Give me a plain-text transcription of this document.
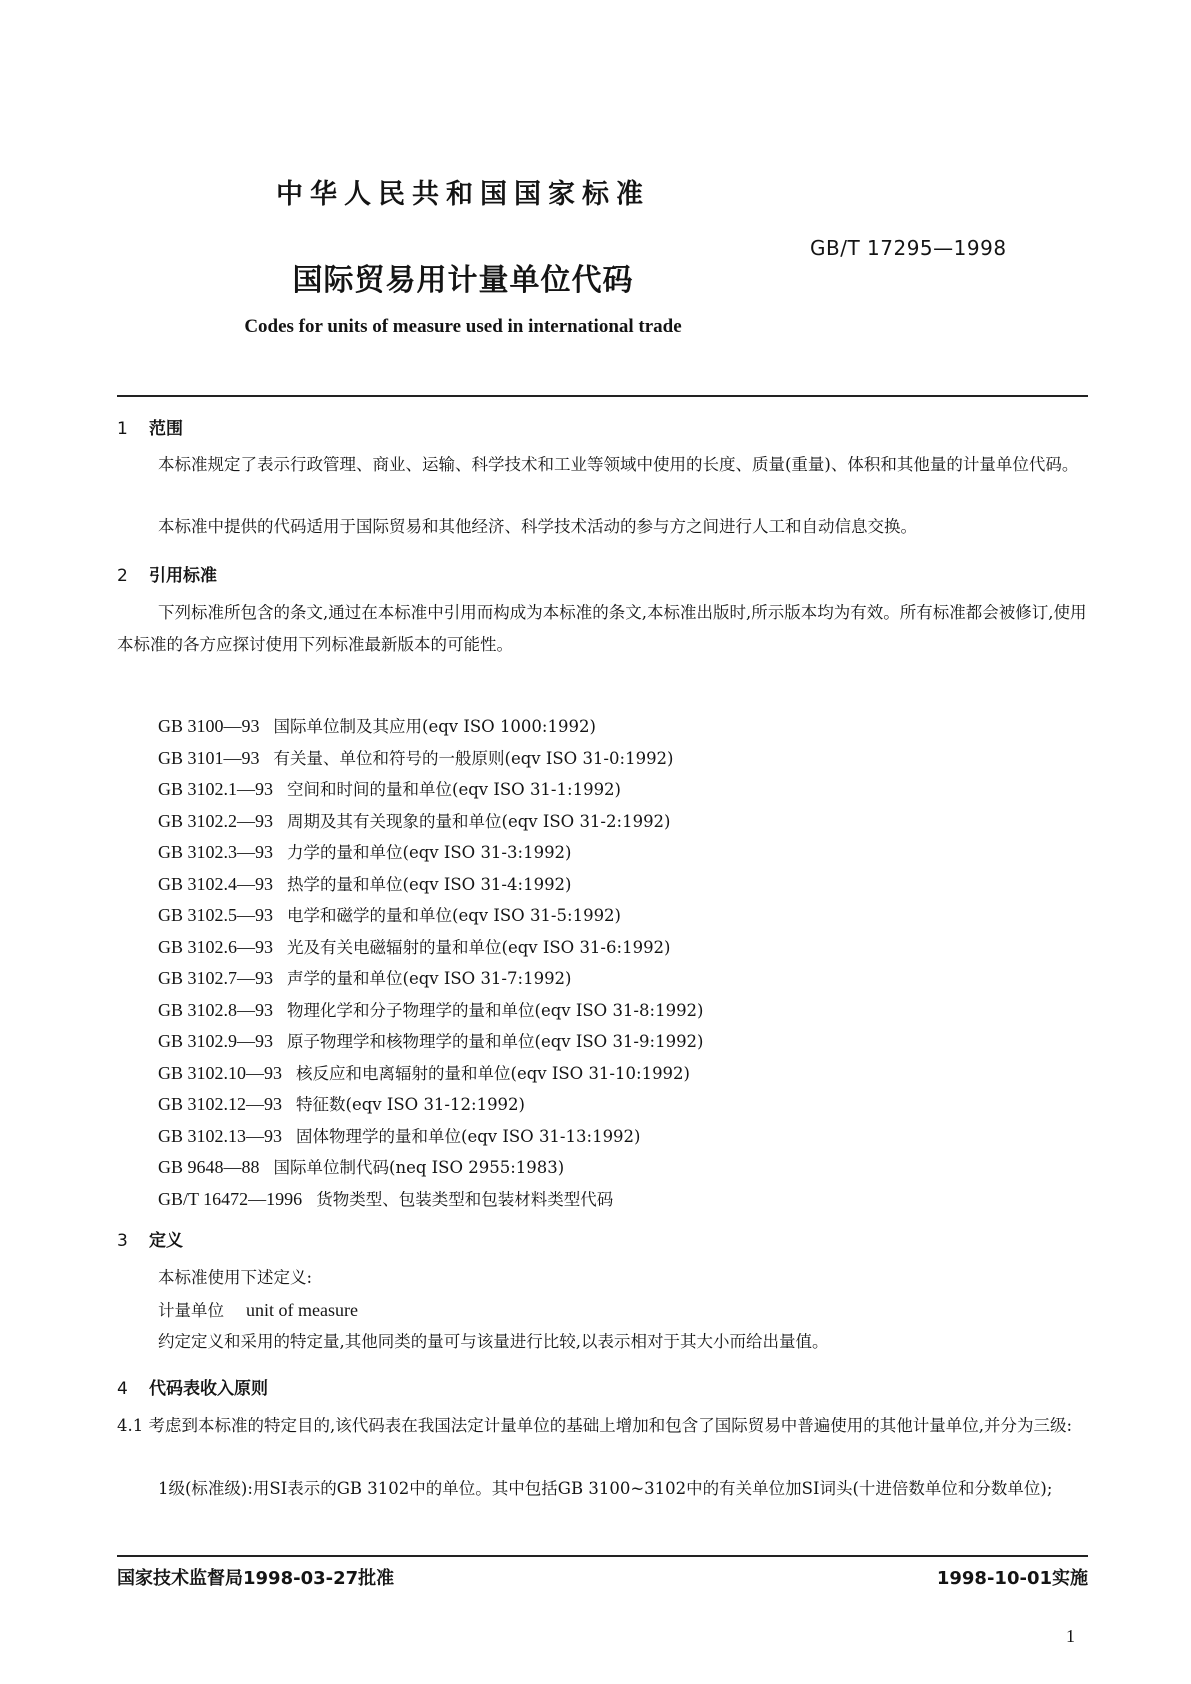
中华人民共和国国家标准
GB/T 17295—1998
国际贸易用计量单位代码
Codes for units of measure used in international trade
1 范围
本标准规定了表示行政管理、商业、运输、科学技术和工业等领域中使用的长度、质量(重量)、体积和其他量的计量单位代码。
本标准中提供的代码适用于国际贸易和其他经济、科学技术活动的参与方之间进行人工和自动信息交换。
2 引用标准
下列标准所包含的条文,通过在本标准中引用而构成为本标准的条文,本标准出版时,所示版本均为有效。所有标准都会被修订,使用本标准的各方应探讨使用下列标准最新版本的可能性。
GB 3100—93 国际单位制及其应用(eqv ISO 1000:1992)
GB 3101—93 有关量、单位和符号的一般原则(eqv ISO 31-0:1992)
GB 3102.1—93 空间和时间的量和单位(eqv ISO 31-1:1992)
GB 3102.2—93 周期及其有关现象的量和单位(eqv ISO 31-2:1992)
GB 3102.3—93 力学的量和单位(eqv ISO 31-3:1992)
GB 3102.4—93 热学的量和单位(eqv ISO 31-4:1992)
GB 3102.5—93 电学和磁学的量和单位(eqv ISO 31-5:1992)
GB 3102.6—93 光及有关电磁辐射的量和单位(eqv ISO 31-6:1992)
GB 3102.7—93 声学的量和单位(eqv ISO 31-7:1992)
GB 3102.8—93 物理化学和分子物理学的量和单位(eqv ISO 31-8:1992)
GB 3102.9—93 原子物理学和核物理学的量和单位(eqv ISO 31-9:1992)
GB 3102.10—93 核反应和电离辐射的量和单位(eqv ISO 31-10:1992)
GB 3102.12—93 特征数(eqv ISO 31-12:1992)
GB 3102.13—93 固体物理学的量和单位(eqv ISO 31-13:1992)
GB 9648—88 国际单位制代码(neq ISO 2955:1983)
GB/T 16472—1996 货物类型、包装类型和包装材料类型代码
3 定义
本标准使用下述定义:
计量单位 unit of measure
约定定义和采用的特定量,其他同类的量可与该量进行比较,以表示相对于其大小而给出量值。
4 代码表收入原则
4.1 考虑到本标准的特定目的,该代码表在我国法定计量单位的基础上增加和包含了国际贸易中普遍使用的其他计量单位,并分为三级:
1级(标准级):用SI表示的GB 3102中的单位。其中包括GB 3100~3102中的有关单位加SI词头(十进倍数单位和分数单位);
国家技术监督局1998-03-27批准	1998-10-01实施
1
